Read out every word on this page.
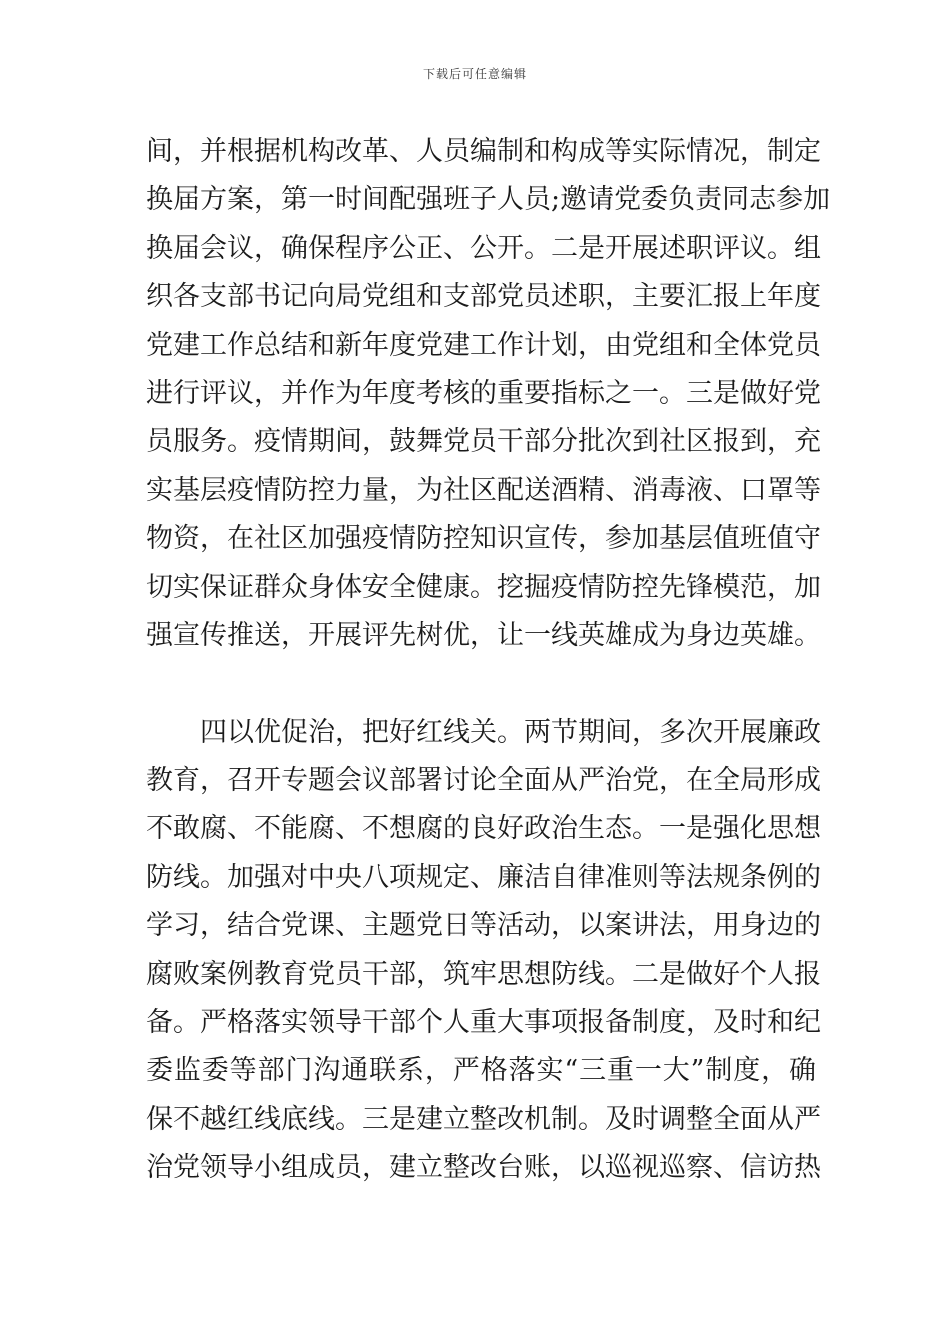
下载后可任意编辑
间，并根据机构改革、人员编制和构成等实际情况，制定
换届方案，第一时间配强班子人员;邀请党委负责同志参加
换届会议，确保程序公正、公开。二是开展述职评议。组
织各支部书记向局党组和支部党员述职，主要汇报上年度
党建工作总结和新年度党建工作计划，由党组和全体党员
进行评议，并作为年度考核的重要指标之一。三是做好党
员服务。疫情期间，鼓舞党员干部分批次到社区报到，充
实基层疫情防控力量，为社区配送酒精、消毒液、口罩等
物资，在社区加强疫情防控知识宣传，参加基层值班值守
切实保证群众身体安全健康。挖掘疫情防控先锋模范，加
强宣传推送，开展评先树优，让一线英雄成为身边英雄。
四以优促治，把好红线关。两节期间，多次开展廉政
教育，召开专题会议部署讨论全面从严治党，在全局形成
不敢腐、不能腐、不想腐的良好政治生态。一是强化思想
防线。加强对中央八项规定、廉洁自律准则等法规条例的
学习，结合党课、主题党日等活动，以案讲法，用身边的
腐败案例教育党员干部，筑牢思想防线。二是做好个人报
备。严格落实领导干部个人重大事项报备制度，及时和纪
委监委等部门沟通联系，严格落实“三重一大”制度，确
保不越红线底线。三是建立整改机制。及时调整全面从严
治党领导小组成员，建立整改台账，以巡视巡察、信访热
